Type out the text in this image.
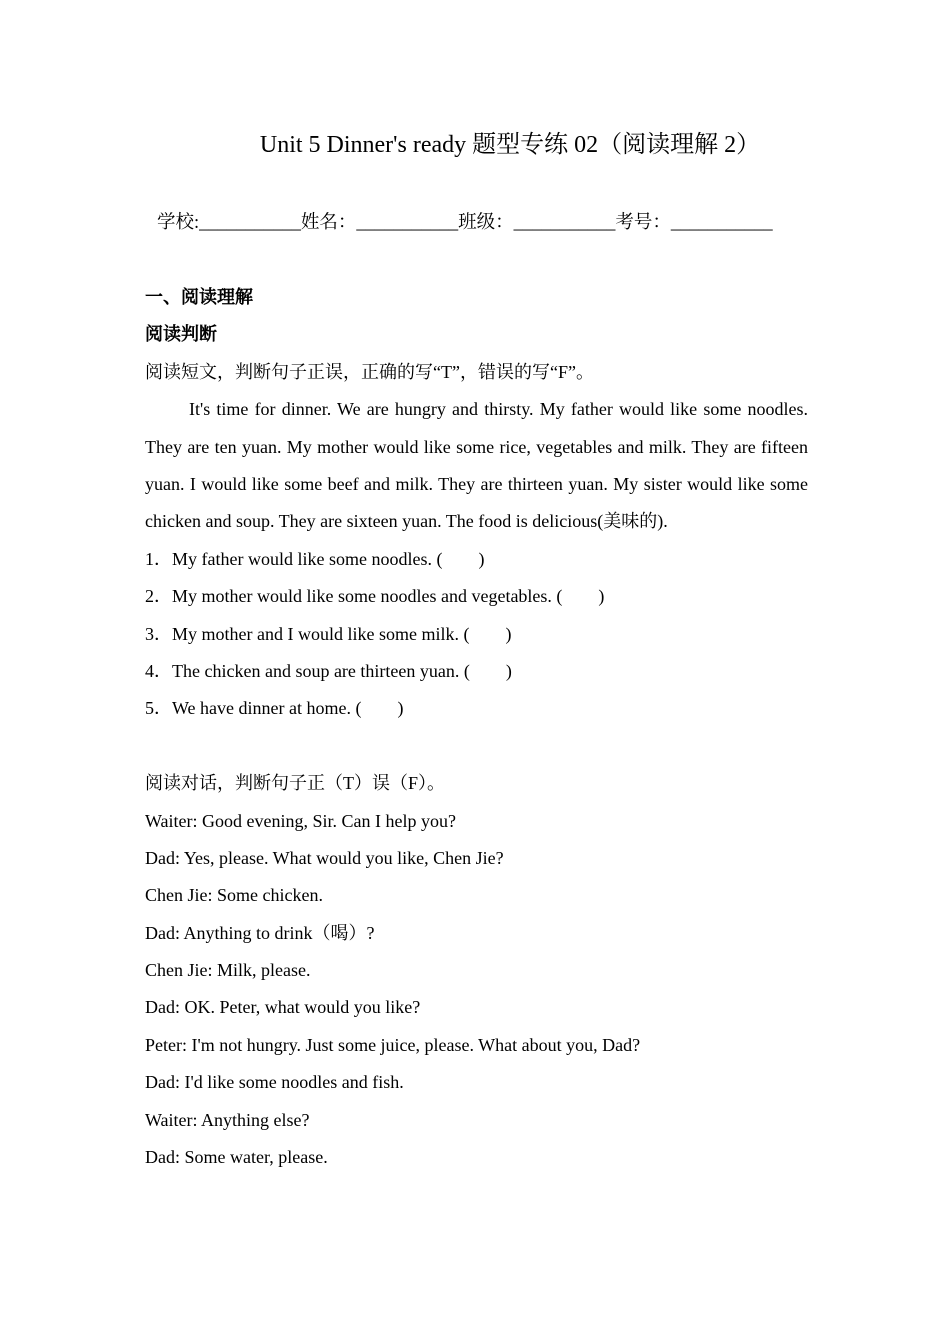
Unit 5 Dinner's ready 题型专练 02（阅读理解 2）
学校:___________姓名：___________班级：___________考号：___________
一、阅读理解
阅读判断
阅读短文，判断句子正误，正确的写“T”，错误的写“F”。

It's time for dinner. We are hungry and thirsty. My father would like some noodles. They are ten yuan. My mother would like some rice, vegetables and milk. They are fifteen yuan. I would like some beef and milk. They are thirteen yuan. My sister would like some chicken and soup. They are sixteen yuan. The food is delicious(美味的).

1．My father would like some noodles. (　　)
2．My mother would like some noodles and vegetables. (　　)
3．My mother and I would like some milk. (　　)
4．The chicken and soup are thirteen yuan. (　　)
5．We have dinner at home. (　　)
阅读对话，判断句子正（T）误（F）。
Waiter: Good evening, Sir. Can I help you?
Dad: Yes, please. What would you like, Chen Jie?
Chen Jie: Some chicken.
Dad: Anything to drink（喝）?
Chen Jie: Milk, please.
Dad: OK. Peter, what would you like?
Peter: I'm not hungry. Just some juice, please. What about you, Dad?
Dad: I'd like some noodles and fish.
Waiter: Anything else?
Dad: Some water, please.
